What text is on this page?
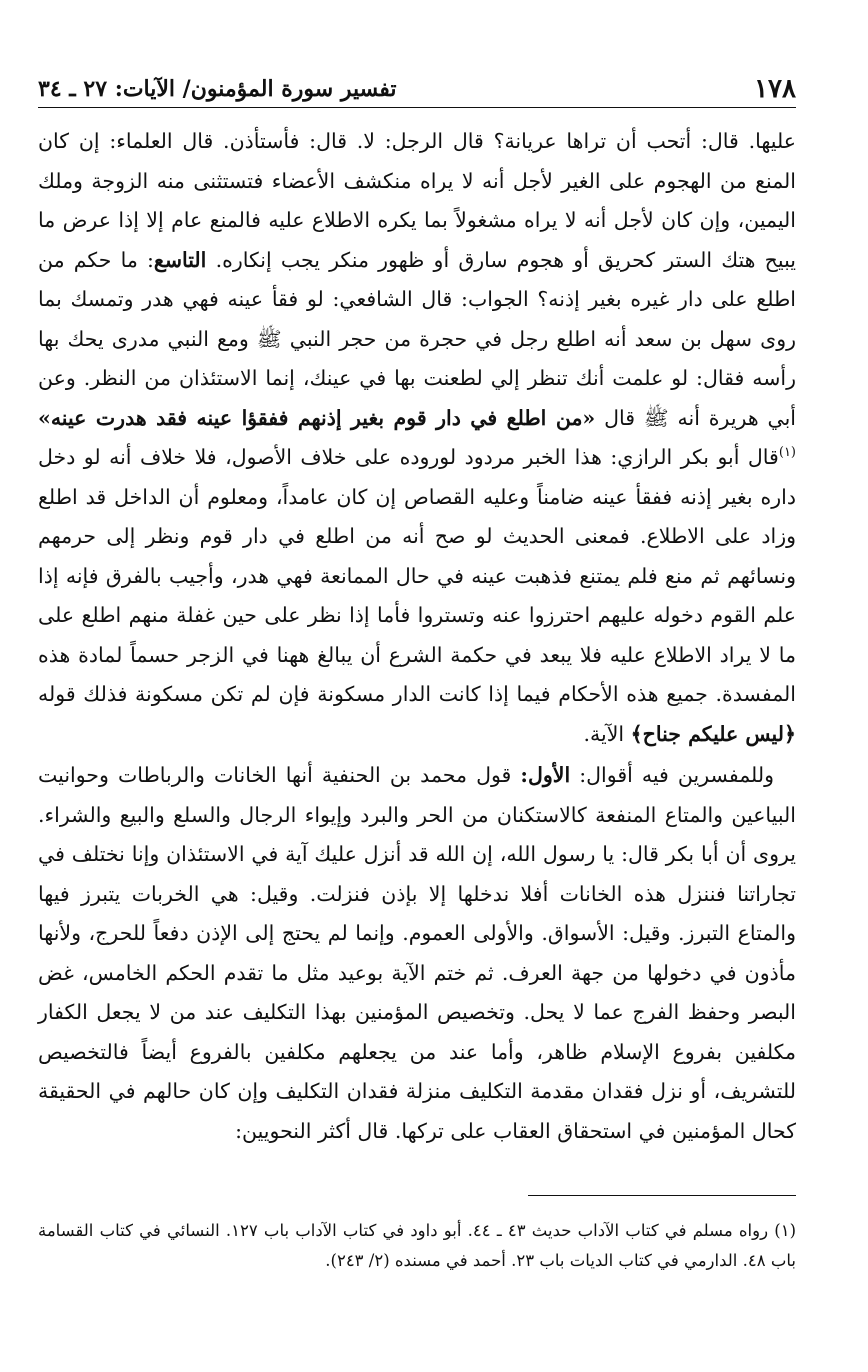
١٧٨
تفسير سورة المؤمنون/ الآيات: ٢٧ ـ ٣٤

عليها. قال: أتحب أن تراها عريانة؟ قال الرجل: لا. قال: فأستأذن. قال العلماء: إن كان المنع من الهجوم على الغير لأجل أنه لا يراه منكشف الأعضاء فتستثنى منه الزوجة وملك اليمين، وإن كان لأجل أنه لا يراه مشغولاً بما يكره الاطلاع عليه فالمنع عام إلا إذا عرض ما يبيح هتك الستر كحريق أو هجوم سارق أو ظهور منكر يجب إنكاره. التاسع: ما حكم من اطلع على دار غيره بغير إذنه؟ الجواب: قال الشافعي: لو فقأ عينه فهي هدر وتمسك بما روى سهل بن سعد أنه اطلع رجل في حجرة من حجر النبي ﷺ ومع النبي مدرى يحك بها رأسه فقال: لو علمت أنك تنظر إلي لطعنت بها في عينك، إنما الاستئذان من النظر. وعن أبي هريرة أنه ﷺ قال «من اطلع في دار قوم بغير إذنهم ففقؤا عينه فقد هدرت عينه» $^{(١)}$قال أبو بكر الرازي: هذا الخبر مردود لوروده على خلاف الأصول، فلا خلاف أنه لو دخل داره بغير إذنه ففقأ عينه ضامناً وعليه القصاص إن كان عامداً، ومعلوم أن الداخل قد اطلع وزاد على الاطلاع. فمعنى الحديث لو صح أنه من اطلع في دار قوم ونظر إلى حرمهم ونسائهم ثم منع فلم يمتنع فذهبت عينه في حال الممانعة فهي هدر، وأجيب بالفرق فإنه إذا علم القوم دخوله عليهم احترزوا عنه وتستروا فأما إذا نظر على حين غفلة منهم اطلع على ما لا يراد الاطلاع عليه فلا يبعد في حكمة الشرع أن يبالغ ههنا في الزجر حسماً لمادة هذه المفسدة. جميع هذه الأحكام فيما إذا كانت الدار مسكونة فإن لم تكن مسكونة فذلك قوله ﴿ليس عليكم جناح﴾ الآية.

وللمفسرين فيه أقوال: الأول: قول محمد بن الحنفية أنها الخانات والرباطات وحوانيت البياعين والمتاع المنفعة كالاستكنان من الحر والبرد وإيواء الرجال والسلع والبيع والشراء. يروى أن أبا بكر قال: يا رسول الله، إن الله قد أنزل عليك آية في الاستئذان وإنا نختلف في تجاراتنا فننزل هذه الخانات أفلا ندخلها إلا بإذن فنزلت. وقيل: هي الخربات يتبرز فيها والمتاع التبرز. وقيل: الأسواق. والأولى العموم. وإنما لم يحتج إلى الإذن دفعاً للحرج، ولأنها مأذون في دخولها من جهة العرف. ثم ختم الآية بوعيد مثل ما تقدم الحكم الخامس، غض البصر وحفظ الفرج عما لا يحل. وتخصيص المؤمنين بهذا التكليف عند من لا يجعل الكفار مكلفين بفروع الإسلام ظاهر، وأما عند من يجعلهم مكلفين بالفروع أيضاً فالتخصيص للتشريف، أو نزل فقدان مقدمة التكليف منزلة فقدان التكليف وإن كان حالهم في الحقيقة كحال المؤمنين في استحقاق العقاب على تركها. قال أكثر النحويين:

(١) رواه مسلم في كتاب الآداب حديث ٤٣ ـ ٤٤. أبو داود في كتاب الآداب باب ١٢٧. النسائي في كتاب القسامة باب ٤٨. الدارمي في كتاب الديات باب ٢٣. أحمد في مسنده (٢/ ٢٤٣).
